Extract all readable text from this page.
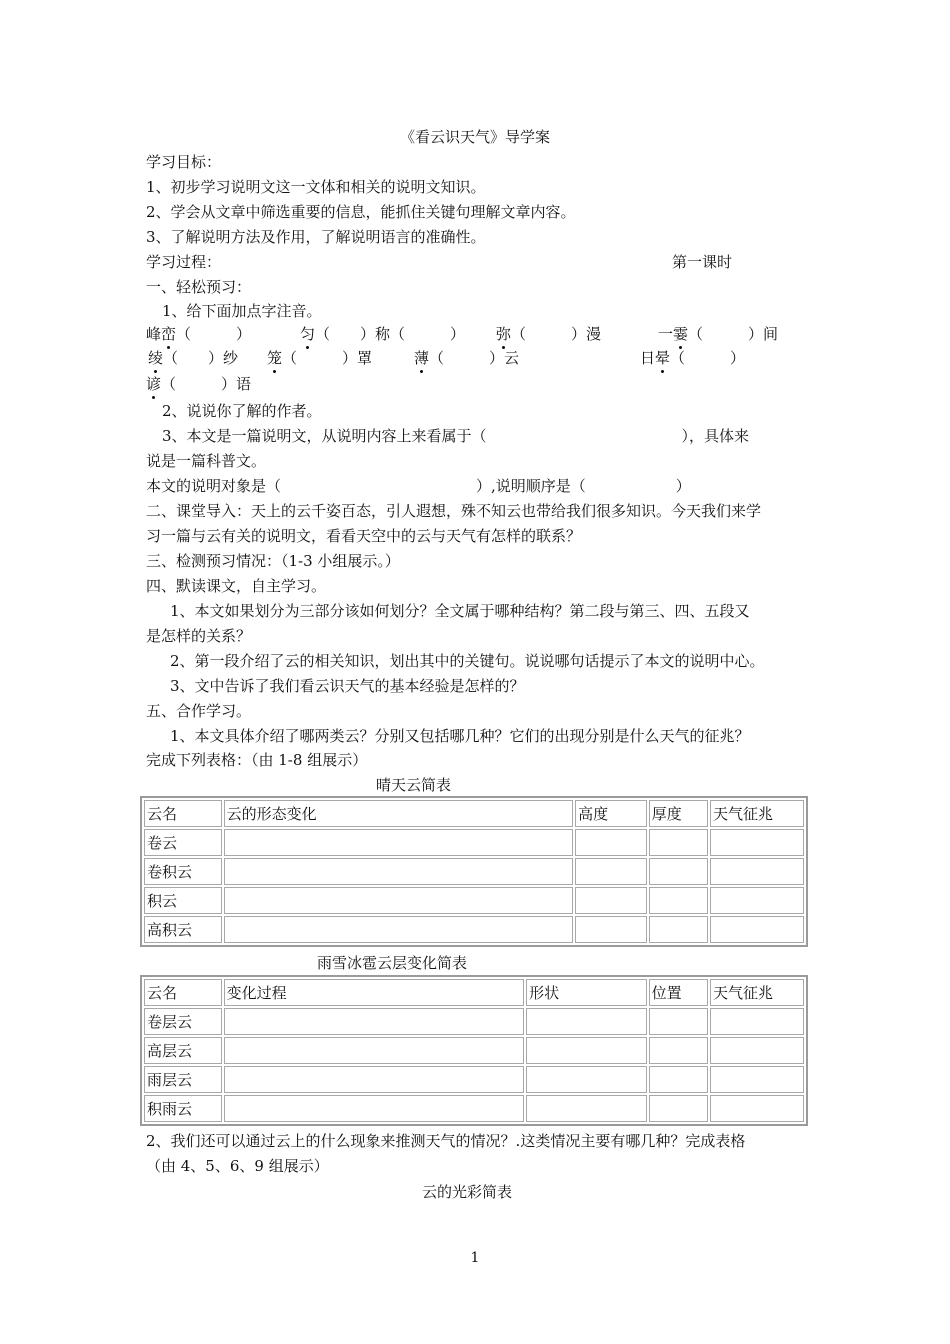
《看云识天气》导学案
学习目标：
1、初步学习说明文这一文体和相关的说明文知识。
2、学会从文章中筛选重要的信息，能抓住关键句理解文章内容。
3、了解说明方法及作用，了解说明语言的准确性。
学习过程：	第一课时
一、轻松预习：
1、给下面加点字注音。
峰峦（　　　）	匀（　　）称（　　　） 弥（　　　）漫	一霎（　　　）间
绫（　　）纱 笼（　　　）罩	薄（　　　）云	日晕（　　　）
谚（　　　）语
2、说说你了解的作者。
3、本文是一篇说明文，从说明内容上来看属于（　　　　　　　　　　　　　），具体来
说是一篇科普文。
本文的说明对象是（　　　　　　　　　　　　　）,说明顺序是（　　　　　　）
二、课堂导入：天上的云千姿百态，引人遐想，殊不知云也带给我们很多知识。今天我们来学
习一篇与云有关的说明文，看看天空中的云与天气有怎样的联系？
三、检测预习情况：（1-3 小组展示。）
四、默读课文，自主学习。
1、本文如果划分为三部分该如何划分？全文属于哪种结构？第二段与第三、四、五段又
是怎样的关系？
2、第一段介绍了云的相关知识，划出其中的关键句。说说哪句话提示了本文的说明中心。
3、文中告诉了我们看云识天气的基本经验是怎样的？
五、合作学习。
1、本文具体介绍了哪两类云？分别又包括哪几种？它们的出现分别是什么天气的征兆？
完成下列表格：（由 1-8 组展示）
晴天云简表
云名	云的形态变化	高度	厚度	天气征兆
卷云				
卷积云				
积云				
高积云				
雨雪冰雹云层变化简表
云名	变化过程	形状	位置	天气征兆
卷层云				
高层云				
雨层云				
积雨云				
2、我们还可以通过云上的什么现象来推测天气的情况？.这类情况主要有哪几种？完成表格
（由 4、5、6、9 组展示）
云的光彩简表
1
